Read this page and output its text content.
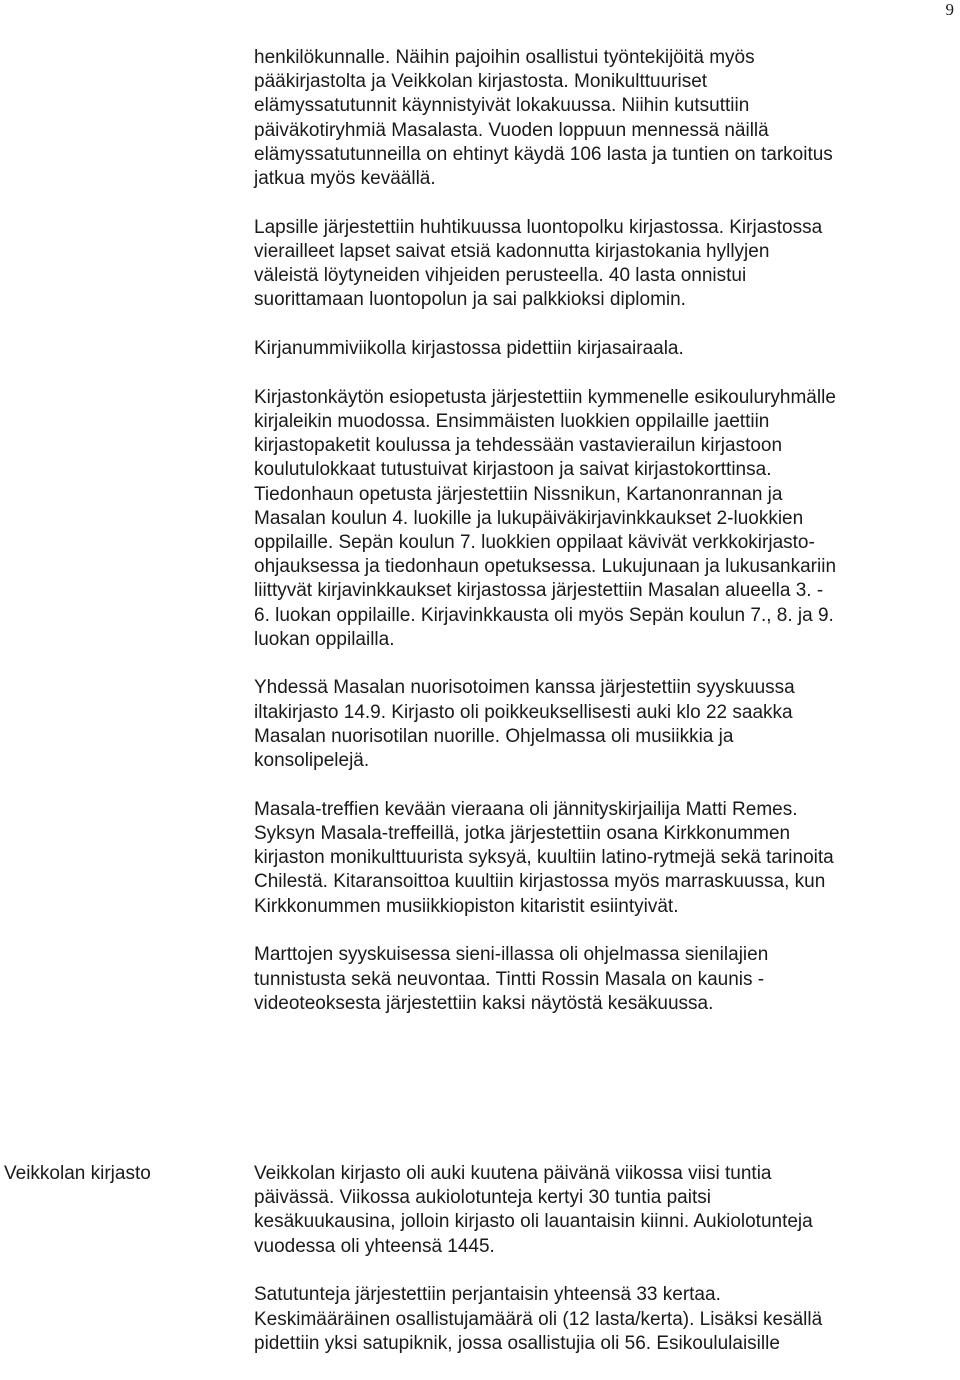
9

henkilökunnalle. Näihin pajoihin osallistui työntekijöitä myös
pääkirjastolta ja Veikkolan kirjastosta. Monikulttuuriset
elämyssatutunnit käynnistyivät lokakuussa. Niihin kutsuttiin
päiväkotiryhmiä Masalasta. Vuoden loppuun mennessä näillä
elämyssatutunneilla on ehtinyt käydä 106 lasta ja tuntien on tarkoitus
jatkua myös keväällä.

Lapsille järjestettiin huhtikuussa luontopolku kirjastossa. Kirjastossa
vierailleet lapset saivat etsiä kadonnutta kirjastokania hyllyjen
väleistä löytyneiden vihjeiden perusteella. 40 lasta onnistui
suorittamaan luontopolun ja sai palkkioksi diplomin.

Kirjanummiviikolla kirjastossa pidettiin kirjasairaala.

Kirjastonkäytön esiopetusta järjestettiin kymmenelle esikouluryhmälle
kirjaleikin muodossa. Ensimmäisten luokkien oppilaille jaettiin
kirjastopaketit koulussa ja tehdessään vastavierailun kirjastoon
koulutulokkaat tutustuivat kirjastoon ja saivat kirjastokorttinsa.
Tiedonhaun opetusta järjestettiin Nissnikun, Kartanonrannan ja
Masalan koulun 4. luokille ja lukupäiväkirjavinkkaukset 2-luokkien
oppilaille. Sepän koulun 7. luokkien oppilaat kävivät verkkokirjasto-
ohjauksessa ja tiedonhaun opetuksessa. Lukujunaan ja lukusankariin
liittyvät kirjavinkkaukset kirjastossa järjestettiin Masalan alueella 3. -
6. luokan oppilaille. Kirjavinkkausta oli myös Sepän koulun 7., 8. ja 9.
luokan oppilailla.

Yhdessä Masalan nuorisotoimen kanssa järjestettiin syyskuussa
iltakirjasto 14.9. Kirjasto oli poikkeuksellisesti auki klo 22 saakka
Masalan nuorisotilan nuorille. Ohjelmassa oli musiikkia ja
konsolipelejä.

Masala-treffien kevään vieraana oli jännityskirjailija Matti Remes.
Syksyn Masala-treffeillä, jotka järjestettiin osana Kirkkonummen
kirjaston monikulttuurista syksyä, kuultiin latino-rytmejä sekä tarinoita
Chilestä. Kitaransoittoa kuultiin kirjastossa myös marraskuussa, kun
Kirkkonummen musiikkiopiston kitaristit esiintyivät.

Marttojen syyskuisessa sieni-illassa oli ohjelmassa sienilajien
tunnistusta sekä neuvontaa. Tintti Rossin Masala on kaunis -
videoteoksesta järjestettiin kaksi näytöstä kesäkuussa.

Veikkolan kirjasto	Veikkolan kirjasto oli auki kuutena päivänä viikossa viisi tuntia
päivässä. Viikossa aukiolotunteja kertyi 30 tuntia paitsi
kesäkuukausina, jolloin kirjasto oli lauantaisin kiinni. Aukiolotunteja
vuodessa oli yhteensä 1445.

Satutunteja järjestettiin perjantaisin yhteensä 33 kertaa.
Keskimääräinen osallistujamäärä oli (12 lasta/kerta). Lisäksi kesällä
pidettiin yksi satupiknik, jossa osallistujia oli 56. Esikoululaisille
